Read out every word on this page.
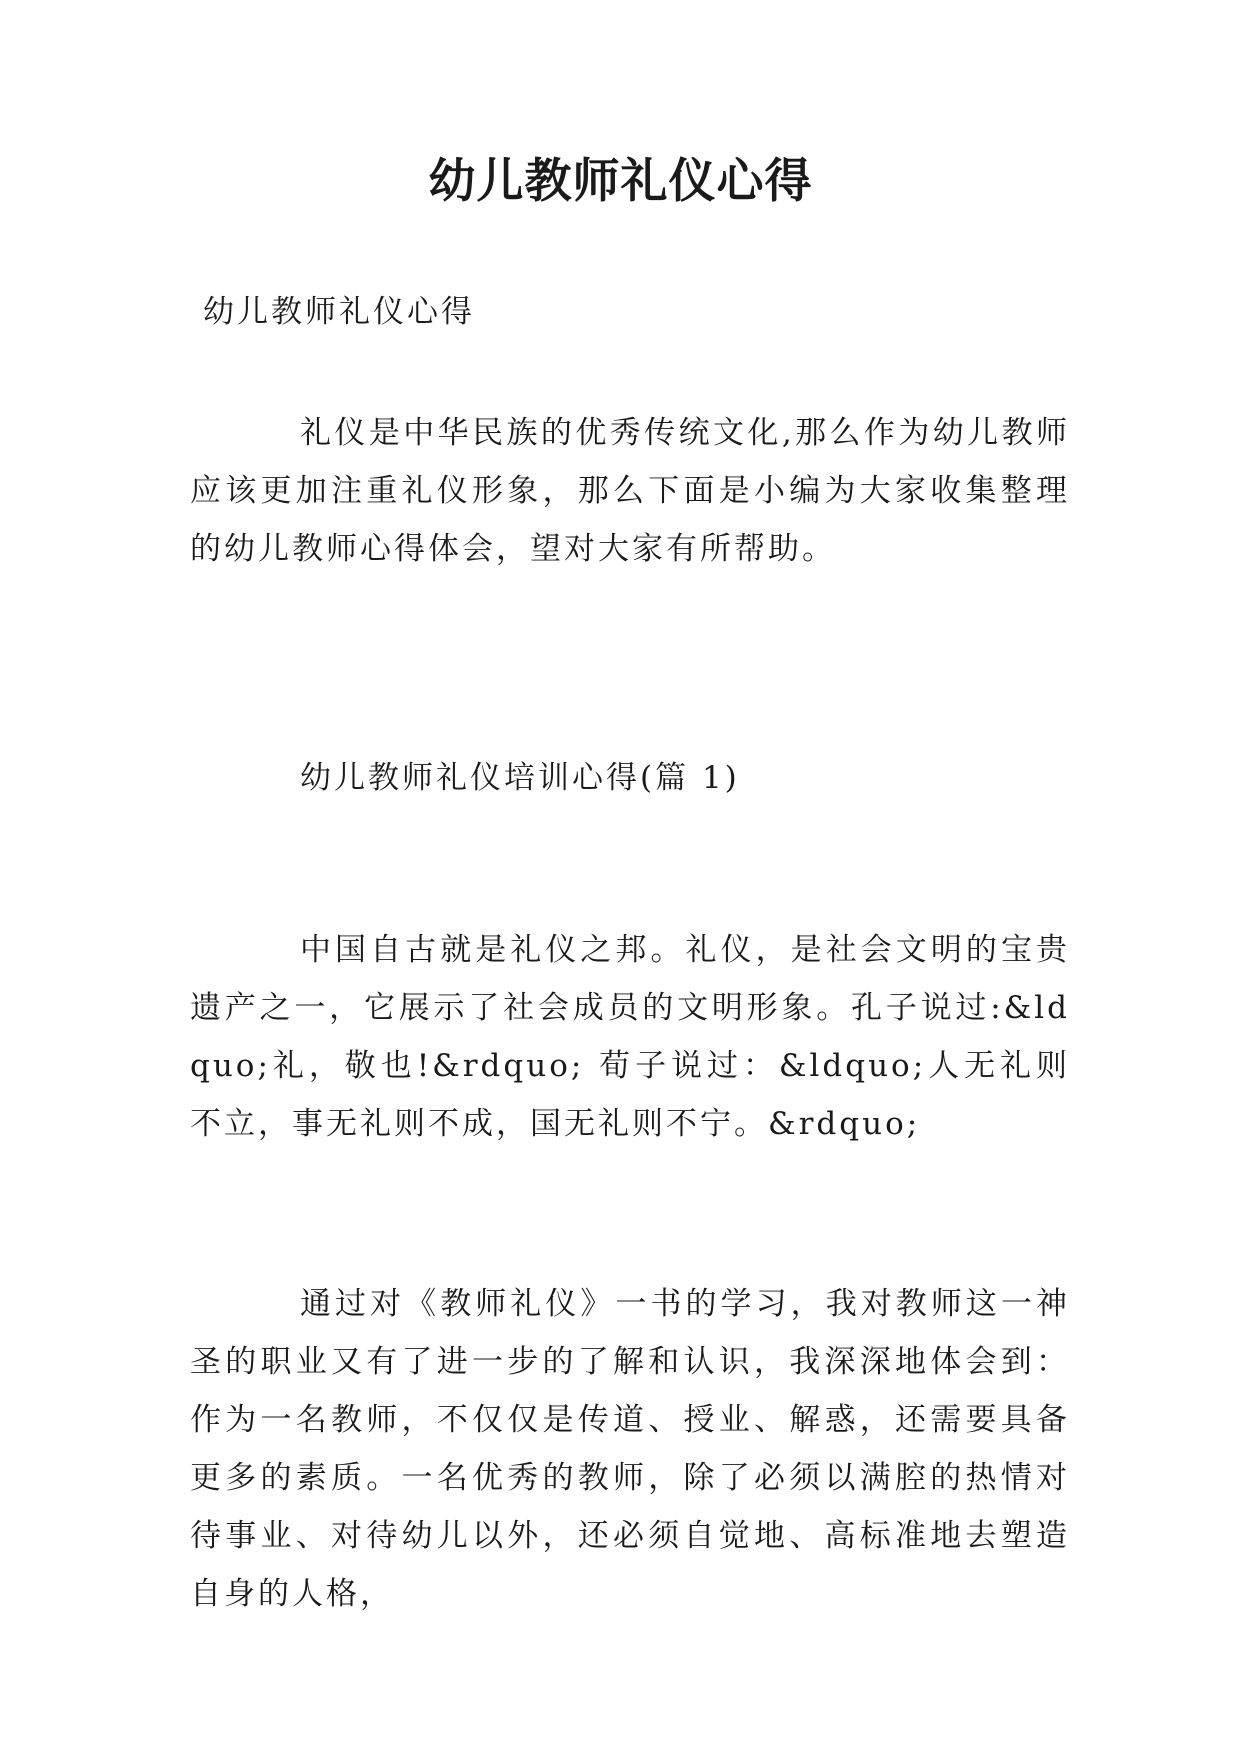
幼儿教师礼仪心得

幼儿教师礼仪心得

礼仪是中华民族的优秀传统文化,那么作为幼儿教师应该更加注重礼仪形象，那么下面是小编为大家收集整理的幼儿教师心得体会，望对大家有所帮助。

幼儿教师礼仪培训心得(篇 1)

中国自古就是礼仪之邦。礼仪，是社会文明的宝贵遗产之一，它展示了社会成员的文明形象。孔子说过:&ldquo;礼，敬也!&rdquo; 荀子说过：&ldquo;人无礼则不立，事无礼则不成，国无礼则不宁。&rdquo;

通过对《教师礼仪》一书的学习，我对教师这一神圣的职业又有了进一步的了解和认识，我深深地体会到：作为一名教师，不仅仅是传道、授业、解惑，还需要具备更多的素质。一名优秀的教师，除了必须以满腔的热情对待事业、对待幼儿以外，还必须自觉地、高标准地去塑造自身的人格，
